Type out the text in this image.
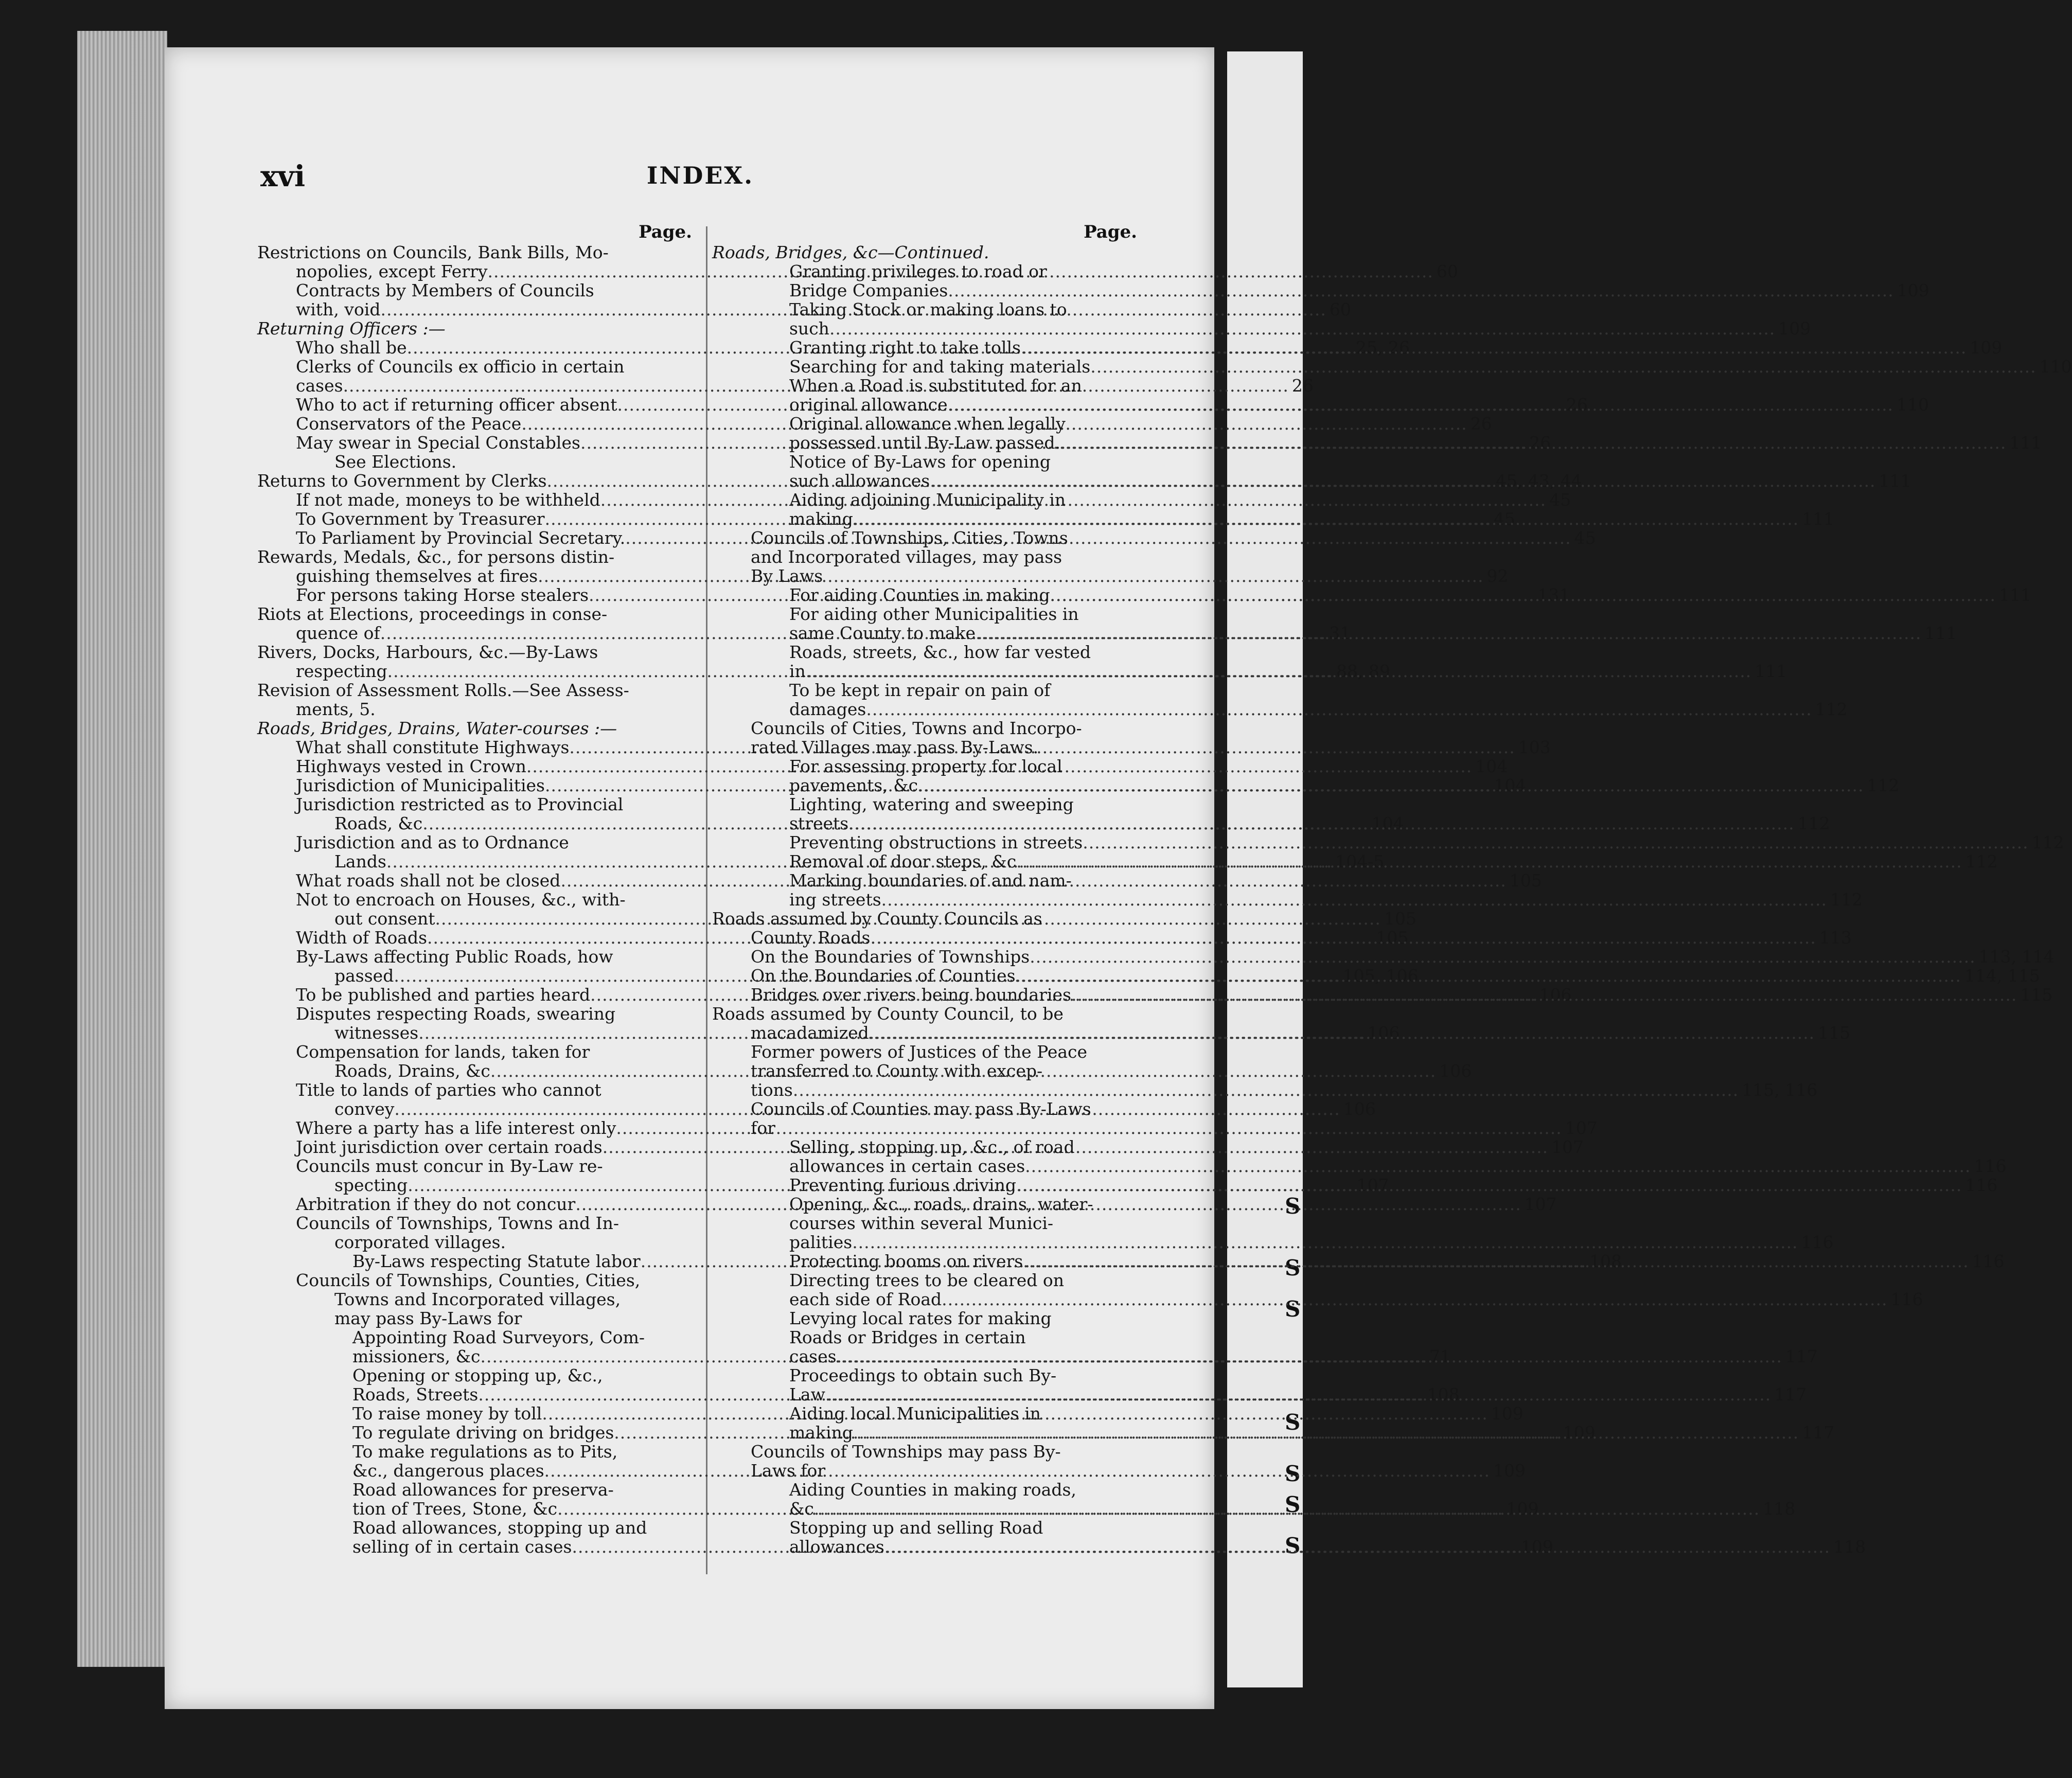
S
S
S
S
S
S
S
xvi	INDEX.
Page.
Restrictions on Councils, Bank Bills, Mo-
nopolies, except Ferry .....	60
Contracts by Members of Councils
with, void .....	60
Returning Officers :—
Who shall be .....	25, 26
Clerks of Councils ex officio in certain
cases .....	26
Who to act if returning officer absent .....	26
Conservators of the Peace .....	26
May swear in Special Constables .....	26
See Elections.
Returns to Government by Clerks .....	45, 43, 44
If not made, moneys to be withheld .....	45
To Government by Treasurer .....	45
To Parliament by Provincial Secretary. .....	45
Rewards, Medals, &c., for persons distin-
guishing themselves at fires .....	92
For persons taking Horse stealers .....	131
Riots at Elections, proceedings in conse-
quence of .....	31
Rivers, Docks, Harbours, &c.—By-Laws
respecting .....	88, 89
Revision of Assessment Rolls.—See Assess-
ments, 5.
Roads, Bridges, Drains, Water-courses :—
What shall constitute Highways .....	103
Highways vested in Crown .....	104
Jurisdiction of Municipalities .....	104
Jurisdiction restricted as to Provincial
Roads, &c .....	104
Jurisdiction and as to Ordnance
Lands .....	104-5
What roads shall not be closed .....	105
Not to encroach on Houses, &c., with-
out consent .....	105
Width of Roads .....	105
By-Laws affecting Public Roads, how
passed .....	105, 106
To be published and parties heard .....	106
Disputes respecting Roads, swearing
witnesses .....	106
Compensation for lands, taken for
Roads, Drains, &c .....	106
Title to lands of parties who cannot
convey .....	106
Where a party has a life interest only .....	107
Joint jurisdiction over certain roads .....	107
Councils must concur in By-Law re-
specting .....	107
Arbitration if they do not concur .....	107
Councils of Townships, Towns and In-
corporated villages.
By-Laws respecting Statute labor .....	108
Councils of Townships, Counties, Cities,
Towns and Incorporated villages,
may pass By-Laws for
Appointing Road Surveyors, Com-
missioners, &c .....	71
Opening or stopping up, &c.,
Roads, Streets .....	108
To raise money by toll .....	109
To regulate driving on bridges .....	109
To make regulations as to Pits,
&c., dangerous places .....	109
Road allowances for preserva-
tion of Trees, Stone, &c .....	109
Road allowances, stopping up and
selling of in certain cases .....	109
Page.
Roads, Bridges, &c—Continued.
Granting privileges to road or
Bridge Companies .....	109
Taking Stock or making loans to
such .....	109
Granting right to take tolls .....	109
Searching for and taking materials .....	110
When a Road is substituted for an
original allowance .....	110
Original allowance when legally
possessed until By-Law passed. .....	111
Notice of By-Laws for opening
such allowances .....	111
Aiding adjoining Municipality in
making .....	111
Councils of Townships, Cities, Towns
and Incorporated villages, may pass
By Laws
For aiding Counties in making .....	111
For aiding other Municipalities in
same County to make .....	111
Roads, streets, &c., how far vested
in .....	111
To be kept in repair on pain of
damages .....	112
Councils of Cities, Towns and Incorpo-
rated Villages may pass By-Laws.
For assessing property for local
pavements, &c .....	112
Lighting, watering and sweeping
streets .....	112
Preventing obstructions in streets .....	112
Removal of door steps, &c .....	112
Marking boundaries of and nam-
ing streets .....	112
Roads assumed by County Councils as
County Roads .....	113
On the Boundaries of Townships .....	113, 114
On the Boundaries of Counties .....	114, 115
Bridges over rivers being boundaries .....	115
Roads assumed by County Council, to be
macadamized .....	115
Former powers of Justices of the Peace
transferred to County with excep-
tions .....	115, 116
Councils of Counties may pass By-Laws
for
Selling, stopping up, &c., of road
allowances in certain cases .....	116
Preventing furious driving .....	116
Opening, &c., roads, drains, water-
courses within several Munici-
palities .....	116
Protecting booms on rivers .....	116
Directing trees to be cleared on
each side of Road .....	116
Levying local rates for making
Roads or Bridges in certain
cases .....	117
Proceedings to obtain such By-
Law .....	117
Aiding local Municipalities in
making .....	117
Councils of Townships may pass By-
Laws for
Aiding Counties in making roads,
&c .....	118
Stopping up and selling Road
allowances .....	118
